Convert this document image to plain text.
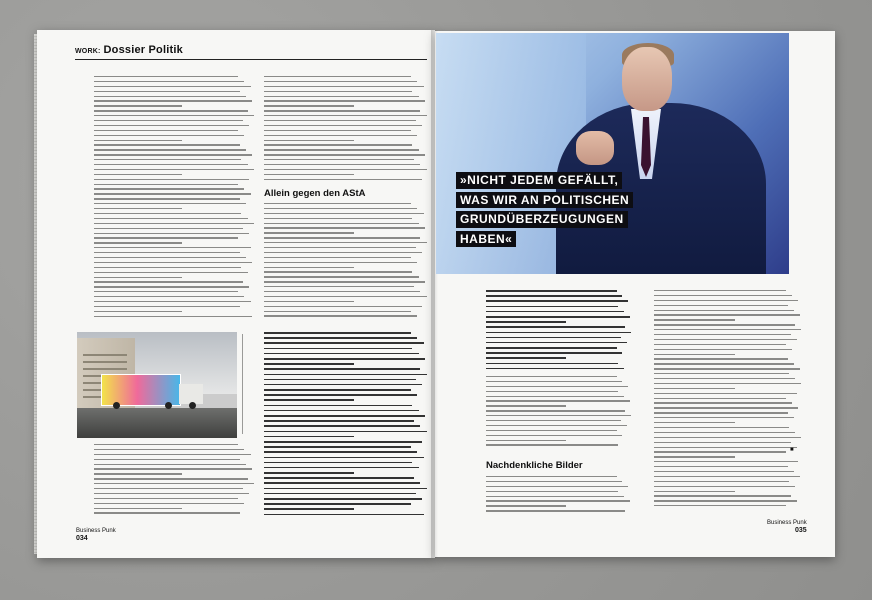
WORK: Dossier Politik
Allein gegen den AStA
Business Punk
034
»NICHT JEDEM GEFÄLLT,
WAS WIR AN POLITISCHEN
GRUNDÜBERZEUGUNGEN
HABEN«
Nachdenkliche Bilder
Business Punk
035
■
